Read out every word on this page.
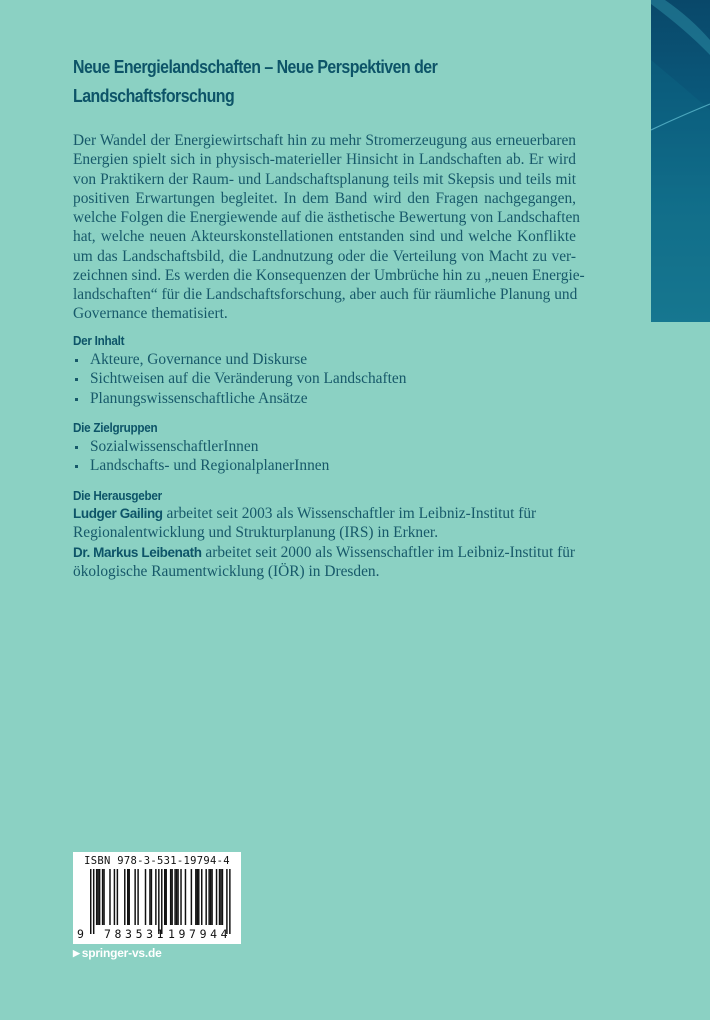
Neue Energielandschaften – Neue Perspektiven der
Landschaftsforschung

Der Wandel der Energiewirtschaft hin zu mehr Stromerzeugung aus erneuerbaren
Energien spielt sich in physisch-materieller Hinsicht in Landschaften ab. Er wird
von Praktikern der Raum- und Landschaftsplanung teils mit Skepsis und teils mit
positiven Erwartungen begleitet. In dem Band wird den Fragen nachgegangen,
welche Folgen die Energiewende auf die ästhetische Bewertung von Landschaften
hat, welche neuen Akteurskonstellationen entstanden sind und welche Konflikte
um das Landschaftsbild, die Landnutzung oder die Verteilung von Macht zu ver-
zeichnen sind. Es werden die Konsequenzen der Umbrüche hin zu „neuen Energie-
landschaften“ für die Landschaftsforschung, aber auch für räumliche Planung und
Governance thematisiert.

Der Inhalt
Akteure, Governance und Diskurse
Sichtweisen auf die Veränderung von Landschaften
Planungswissenschaftliche Ansätze
Die Zielgruppen
SozialwissenschaftlerInnen
Landschafts- und RegionalplanerInnen
Die Herausgeber
Ludger Gailing arbeitet seit 2003 als Wissenschaftler im Leibniz-Institut für
Regionalentwicklung und Strukturplanung (IRS) in Erkner.
Dr. Markus Leibenath arbeitet seit 2000 als Wissenschaftler im Leibniz-Institut für
ökologische Raumentwicklung (IÖR) in Dresden.
ISBN 978-3-531-19794-4
9 783531 197944
▶ springer-vs.de
